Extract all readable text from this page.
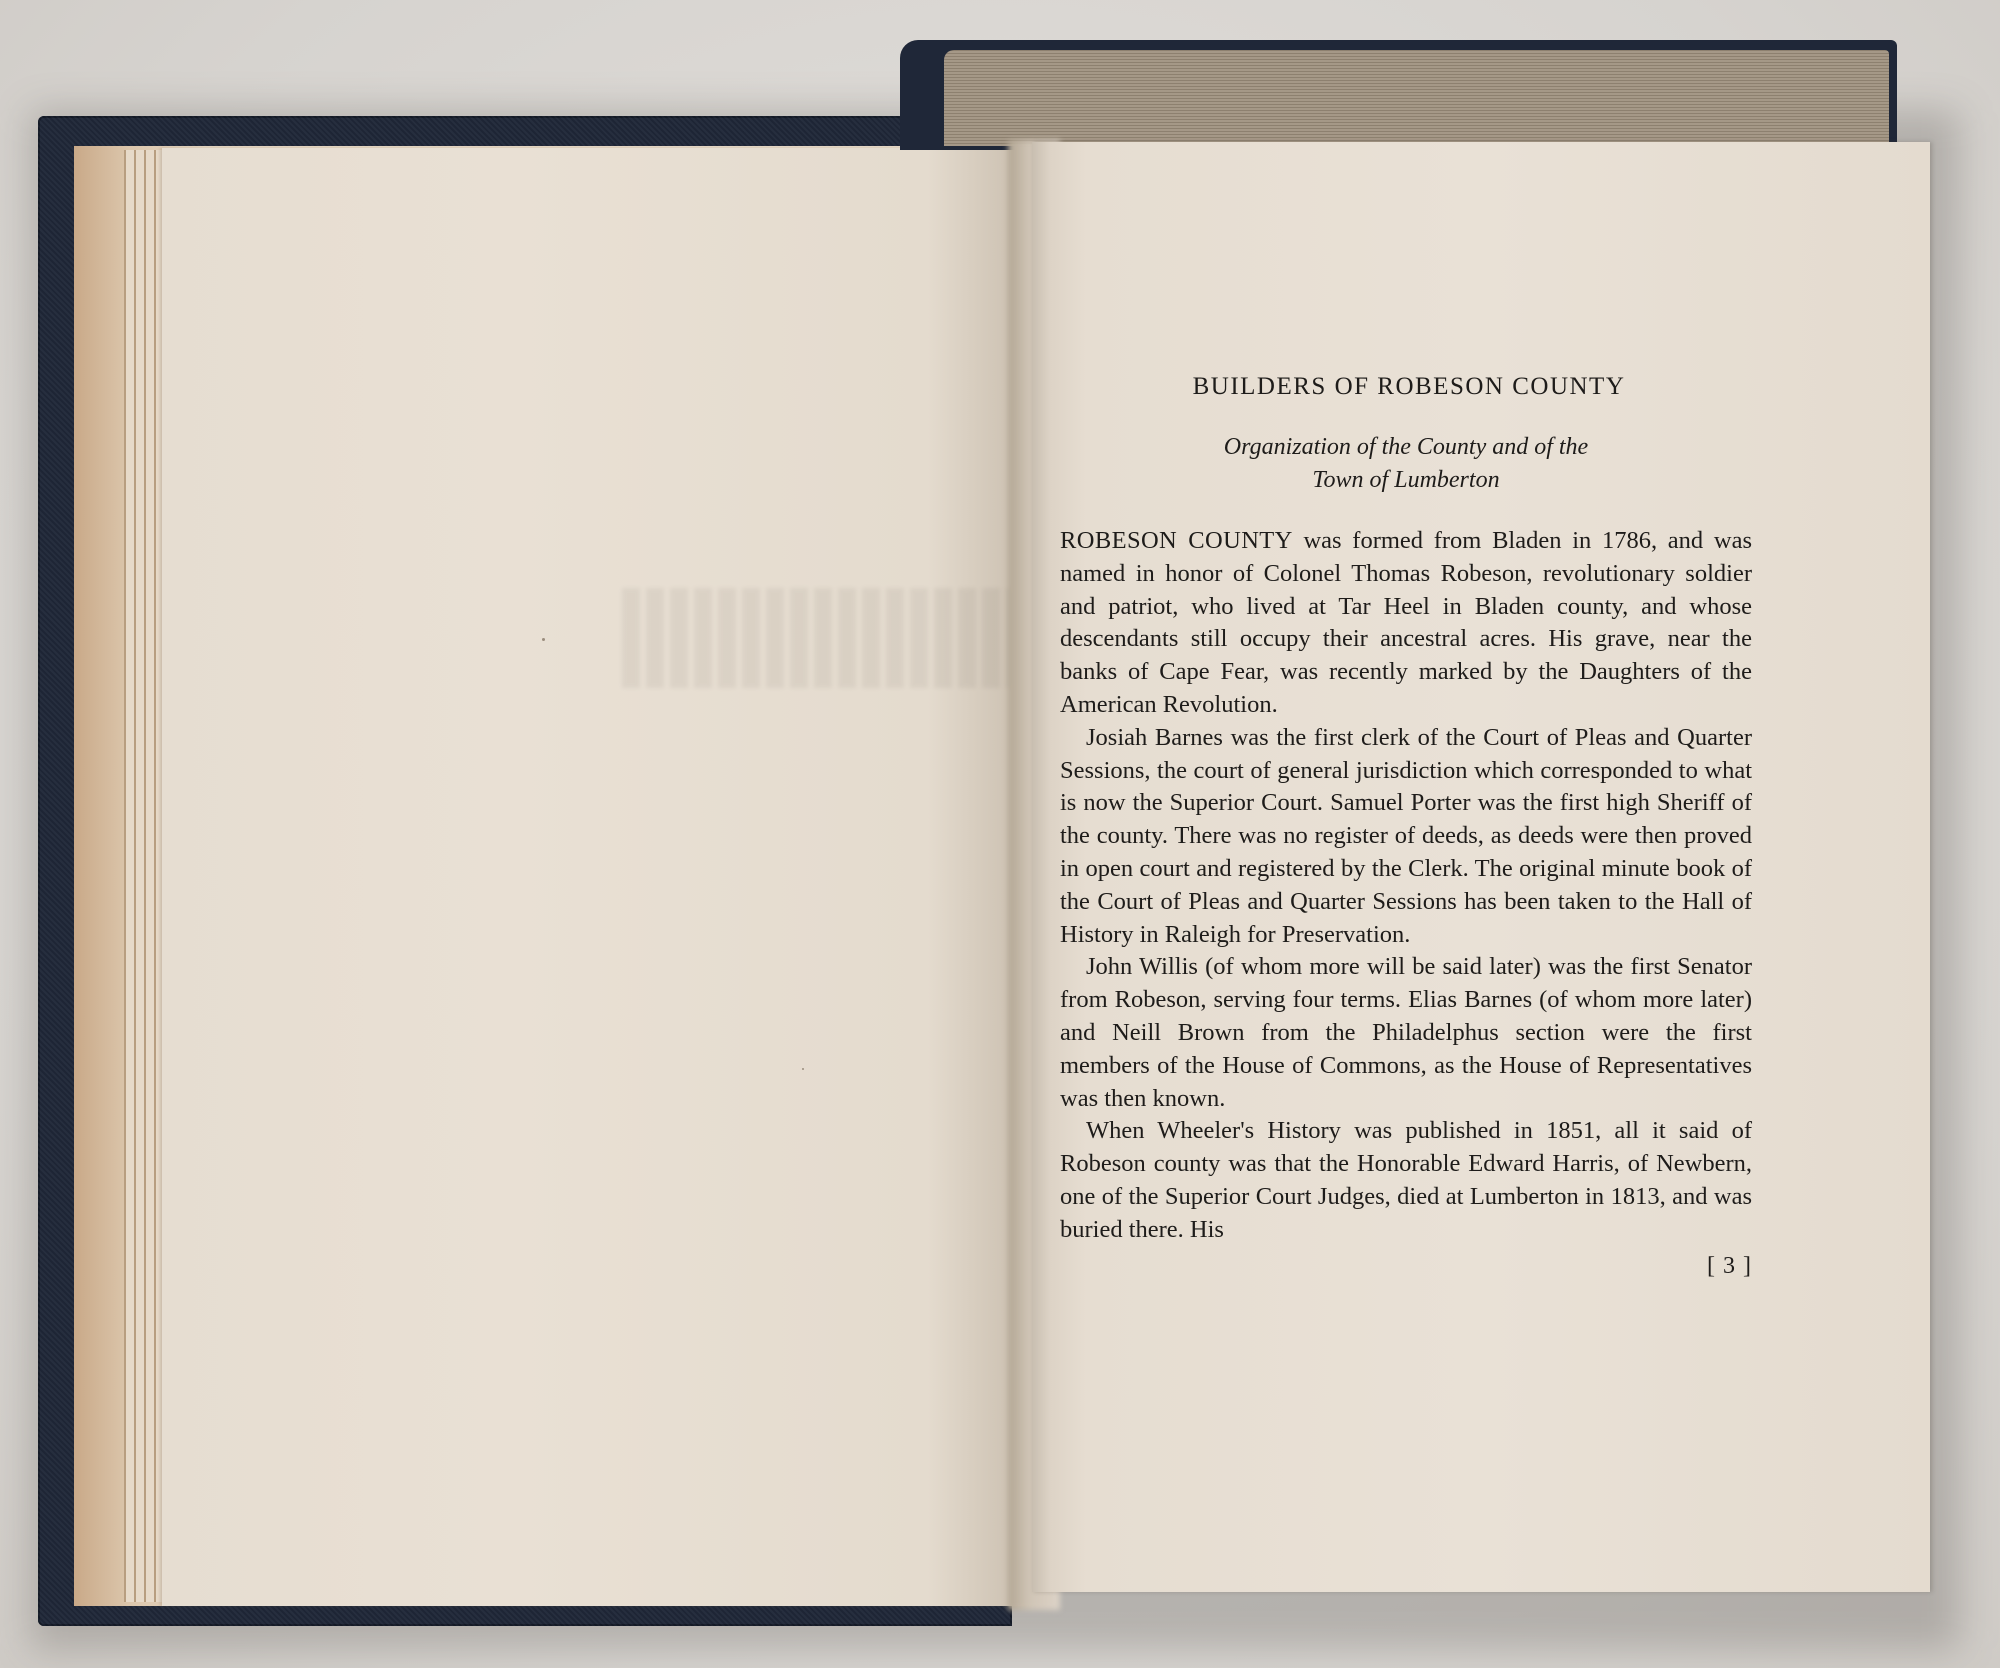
BUILDERS OF ROBESON COUNTY
Organization of the County and of the
Town of Lumberton

ROBESON COUNTY was formed from Bladen in 1786, and was named in honor of Colonel Thomas Robeson, revolutionary soldier and patriot, who lived at Tar Heel in Bladen county, and whose descendants still occupy their ancestral acres. His grave, near the banks of Cape Fear, was recently marked by the Daughters of the American Revolution.

Josiah Barnes was the first clerk of the Court of Pleas and Quarter Sessions, the court of general jurisdiction which corresponded to what is now the Superior Court. Samuel Porter was the first high Sheriff of the county. There was no register of deeds, as deeds were then proved in open court and registered by the Clerk. The original minute book of the Court of Pleas and Quarter Sessions has been taken to the Hall of History in Raleigh for Preservation.

John Willis (of whom more will be said later) was the first Senator from Robeson, serving four terms. Elias Barnes (of whom more later) and Neill Brown from the Philadelphus section were the first members of the House of Commons, as the House of Representatives was then known.

When Wheeler's History was published in 1851, all it said of Robeson county was that the Honorable Edward Harris, of Newbern, one of the Superior Court Judges, died at Lumberton in 1813, and was buried there. His

[ 3 ]
